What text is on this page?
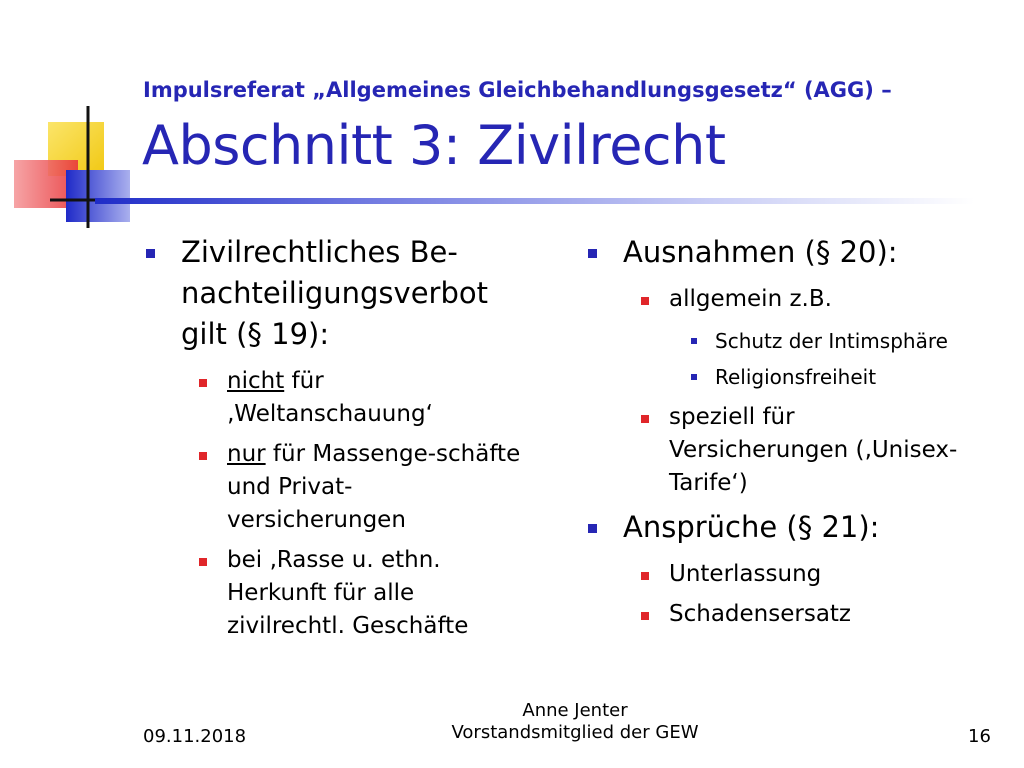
Impulsreferat „Allgemeines Gleichbehandlungsgesetz“ (AGG) –
Abschnitt 3: Zivilrecht
Zivilrechtliches Be-
nachteiligungsverbot
gilt (§ 19):
nicht für
‚Weltanschauung‘
nur für Massenge-schäfte
und Privat-
versicherungen
bei ‚Rasse u. ethn.
Herkunft für alle
zivilrechtl. Geschäfte
Ausnahmen (§ 20):
allgemein z.B.
Schutz der Intimsphäre
Religionsfreiheit
speziell für
Versicherungen (‚Unisex-
Tarife‘)
Ansprüche (§ 21):
Unterlassung
Schadensersatz
09.11.2018
Anne Jenter
Vorstandsmitglied der GEW	16
